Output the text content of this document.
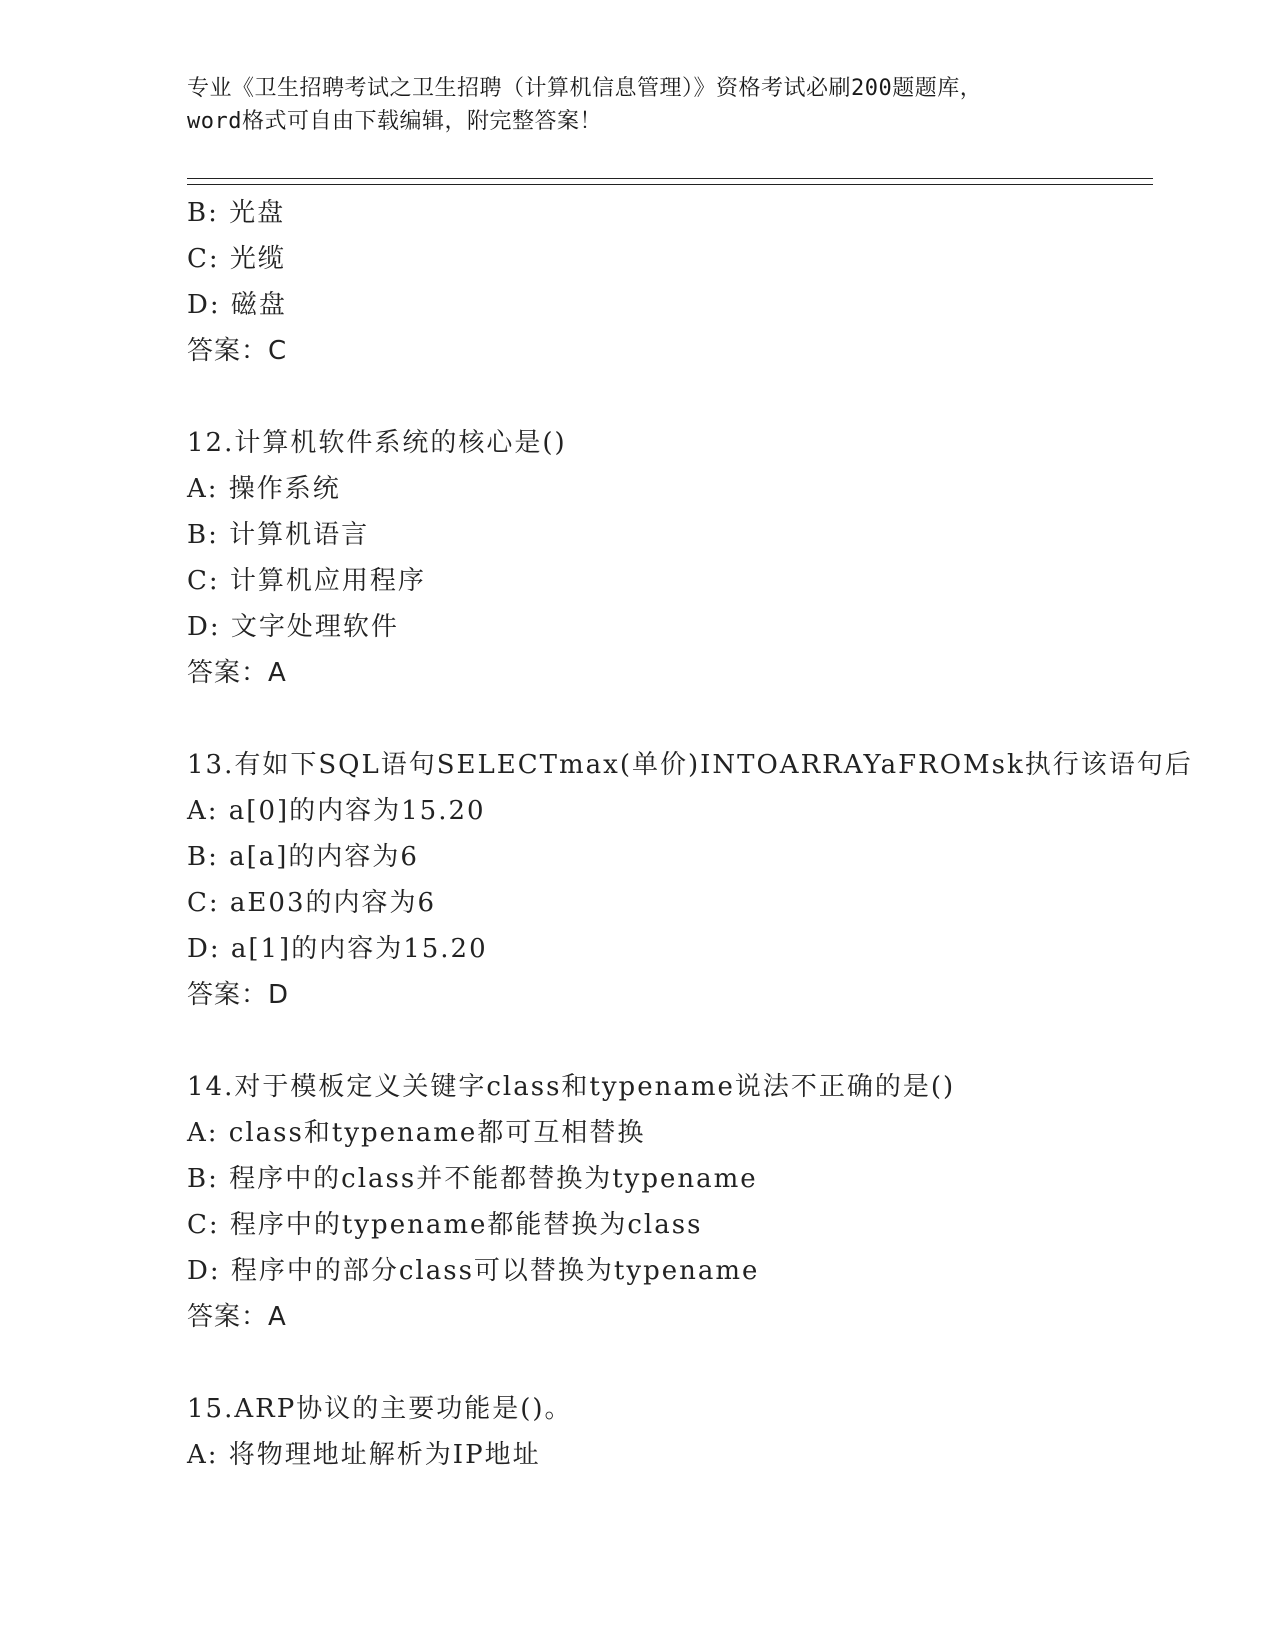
专业《卫生招聘考试之卫生招聘（计算机信息管理）》资格考试必刷200题题库，
word格式可自由下载编辑，附完整答案！
B: 光盘
C: 光缆
D: 磁盘
答案：C
12.计算机软件系统的核心是()
A: 操作系统
B: 计算机语言
C: 计算机应用程序
D: 文字处理软件
答案：A
13.有如下SQL语句SELECTmax(单价)INTOARRAYaFROMsk执行该语句后
A: a[0]的内容为15.20
B: a[a]的内容为6
C: aE03的内容为6
D: a[1]的内容为15.20
答案：D
14.对于模板定义关键字class和typename说法不正确的是()
A: class和typename都可互相替换
B: 程序中的class并不能都替换为typename
C: 程序中的typename都能替换为class
D: 程序中的部分class可以替换为typename
答案：A
15.ARP协议的主要功能是()。
A: 将物理地址解析为IP地址
